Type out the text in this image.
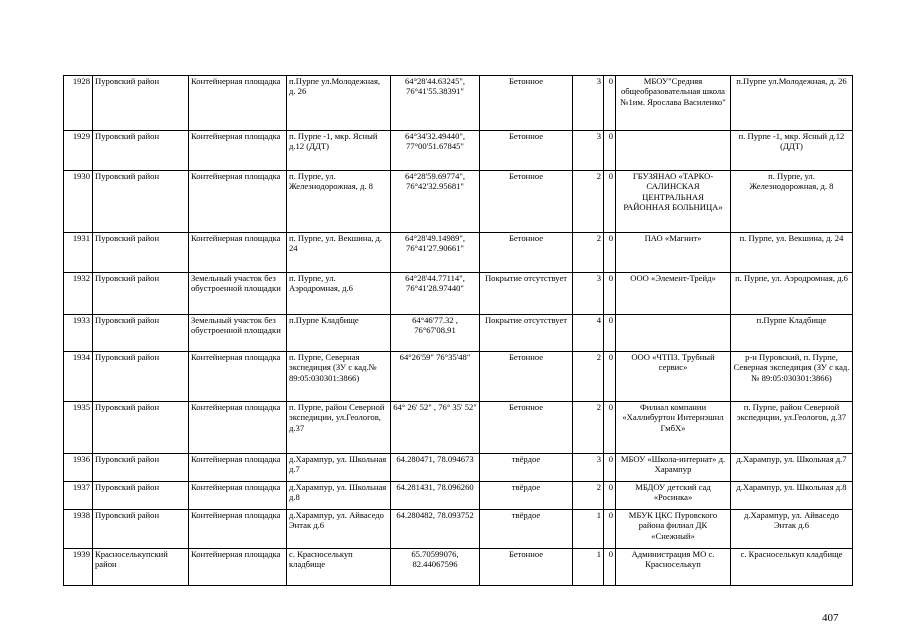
1928	Пуровский район	Контейнерная площадка	п.Пурпе ул.Молодежная, д. 26	64°28'44.63245", 76°41'55.38391"	Бетонное	3	0	МБОУ"Средняя общеобразовательная школа №1им. Ярослава Василенко"	п.Пурпе ул.Молодежная, д. 26
1929	Пуровский район	Контейнерная площадка	п. Пурпе -1, мкр. Ясный д.12 (ДДТ)	64°34'32.49440", 77°00'51.67845"	Бетонное	3	0		п. Пурпе -1, мкр. Ясный д.12 (ДДТ)
1930	Пуровский район	Контейнерная площадка	п. Пурпе, ул. Железнодорожная, д. 8	64°28'59.69774", 76°42'32.95681"	Бетонное	2	0	ГБУЗЯНАО «ТАРКО-САЛИНСКАЯ ЦЕНТРАЛЬНАЯ РАЙОННАЯ БОЛЬНИЦА»	п. Пурпе, ул. Железнодорожная, д. 8
1931	Пуровский район	Контейнерная площадка	п. Пурпе, ул. Векшина, д. 24	64°28'49.14989", 76°41'27.90661"	Бетонное	2	0	ПАО «Магнит»	п. Пурпе, ул. Векшина, д. 24
1932	Пуровский район	Земельный участок без обустроенной площадки	п. Пурпе, ул. Аэродромная, д.6	64°28'44.77114", 76°41'28.97440"	Покрытие отсутствует	3	0	ООО «Элемент-Трейд»	п. Пурпе, ул. Аэродромная, д.6
1933	Пуровский район	Земельный участок без обустроенной площадки	п.Пурпе Кладбище	64°46'77.32 , 76°67'08.91	Покрытие отсутствует	4	0		п.Пурпе Кладбище
1934	Пуровский район	Контейнерная площадка	п. Пурпе, Северная экспедиция (ЗУ с кад.№ 89:05:030301:3866)	64°26'59" 76°35'48"	Бетонное	2	0	ООО «ЧТПЗ. Трубный сервис»	р-н Пуровский, п. Пурпе, Северная экспедиция (ЗУ с кад.№ 89:05:030301:3866)
1935	Пуровский район	Контейнерная площадка	п. Пурпе, район Северной экспедиции, ул.Геологов, д.37	64° 26' 52" , 76° 35' 52"	Бетонное	2	0	Филиал компании «Халлибуртон Интернэшнл ГмбХ»	п. Пурпе, район Северной экспедиции, ул.Геологов, д.37
1936	Пуровский район	Контейнерная площадка	д.Харампур, ул. Школьная д.7	64.280471, 78.094673	твёрдое	3	0	МБОУ «Школа-интернат» д. Харампур	д.Харампур, ул. Школьная д.7
1937	Пуровский район	Контейнерная площадка	д.Харампур, ул. Школьная д.8	64.281431, 78.096260	твёрдое	2	0	МБДОУ детский сад «Росинка»	д.Харампур, ул. Школьная д.8
1938	Пуровский район	Контейнерная площадка	д.Харампур, ул. Айваседо Энтак д.6	64.280482, 78.093752	твёрдое	1	0	МБУК ЦКС Пуровского района филиал ДК «Снежный»	д.Харампур, ул. Айваседо Энтак д.6
1939	Красноселькупский район	Контейнерная площадка	с. Красноселькуп кладбище	65.70599076, 82.44067596	Бетонное	1	0	Администрация МО с. Красноселькуп	с. Красноселькуп кладбище
407
